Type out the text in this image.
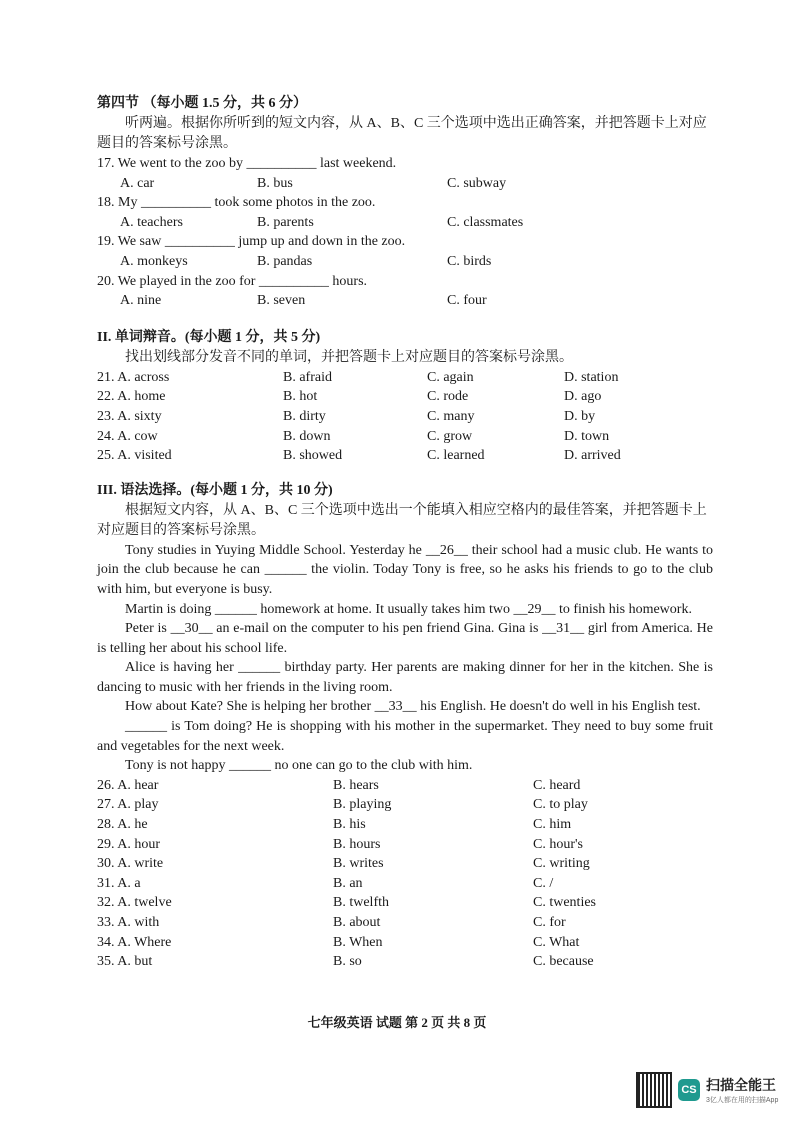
第四节 （每小题 1.5 分，共 6 分）
听两遍。根据你所听到的短文内容，从 A、B、C 三个选项中选出正确答案，并把答题卡上对应题目的答案标号涂黑。
17. We went to the zoo by __________ last weekend.
A. car	B. bus	C. subway
18. My __________ took some photos in the zoo.
A. teachers	B. parents	C. classmates
19. We saw __________ jump up and down in the zoo.
A. monkeys	B. pandas	C. birds
20. We played in the zoo for __________ hours.
A. nine	B. seven	C. four
II. 单词辩音。(每小题 1 分，共 5 分)
找出划线部分发音不同的单词，并把答题卡上对应题目的答案标号涂黑。
21. A. across	B. afraid	C. again	D. station
22. A. home	B. hot	C. rode	D. ago
23. A. sixty	B. dirty	C. many	D. by
24. A. cow	B. down	C. grow	D. town
25. A. visited	B. showed	C. learned	D. arrived
III. 语法选择。(每小题 1 分，共 10 分)
根据短文内容，从 A、B、C 三个选项中选出一个能填入相应空格内的最佳答案，并把答题卡上对应题目的答案标号涂黑。
Tony studies in Yuying Middle School. Yesterday he __26__ their school had a music club. He wants to join the club because he can ______ the violin. Today Tony is free, so he asks his friends to go to the club with him, but everyone is busy.
Martin is doing ______ homework at home. It usually takes him two __29__ to finish his homework.
Peter is __30__ an e-mail on the computer to his pen friend Gina. Gina is __31__ girl from America. He is telling her about his school life.
Alice is having her ______ birthday party. Her parents are making dinner for her in the kitchen. She is dancing to music with her friends in the living room.
How about Kate? She is helping her brother __33__ his English. He doesn't do well in his English test.
______ is Tom doing? He is shopping with his mother in the supermarket. They need to buy some fruit and vegetables for the next week.
Tony is not happy ______ no one can go to the club with him.
26. A. hear	B. hears	C. heard
27. A. play	B. playing	C. to play
28. A. he	B. his	C. him
29. A. hour	B. hours	C. hour's
30. A. write	B. writes	C. writing
31. A. a	B. an	C. /
32. A. twelve	B. twelfth	C. twenties
33. A. with	B. about	C. for
34. A. Where	B. When	C. What
35. A. but	B. so	C. because
七年级英语 试题 第 2 页 共 8 页
CS 扫描全能王
3亿人都在用的扫描App
